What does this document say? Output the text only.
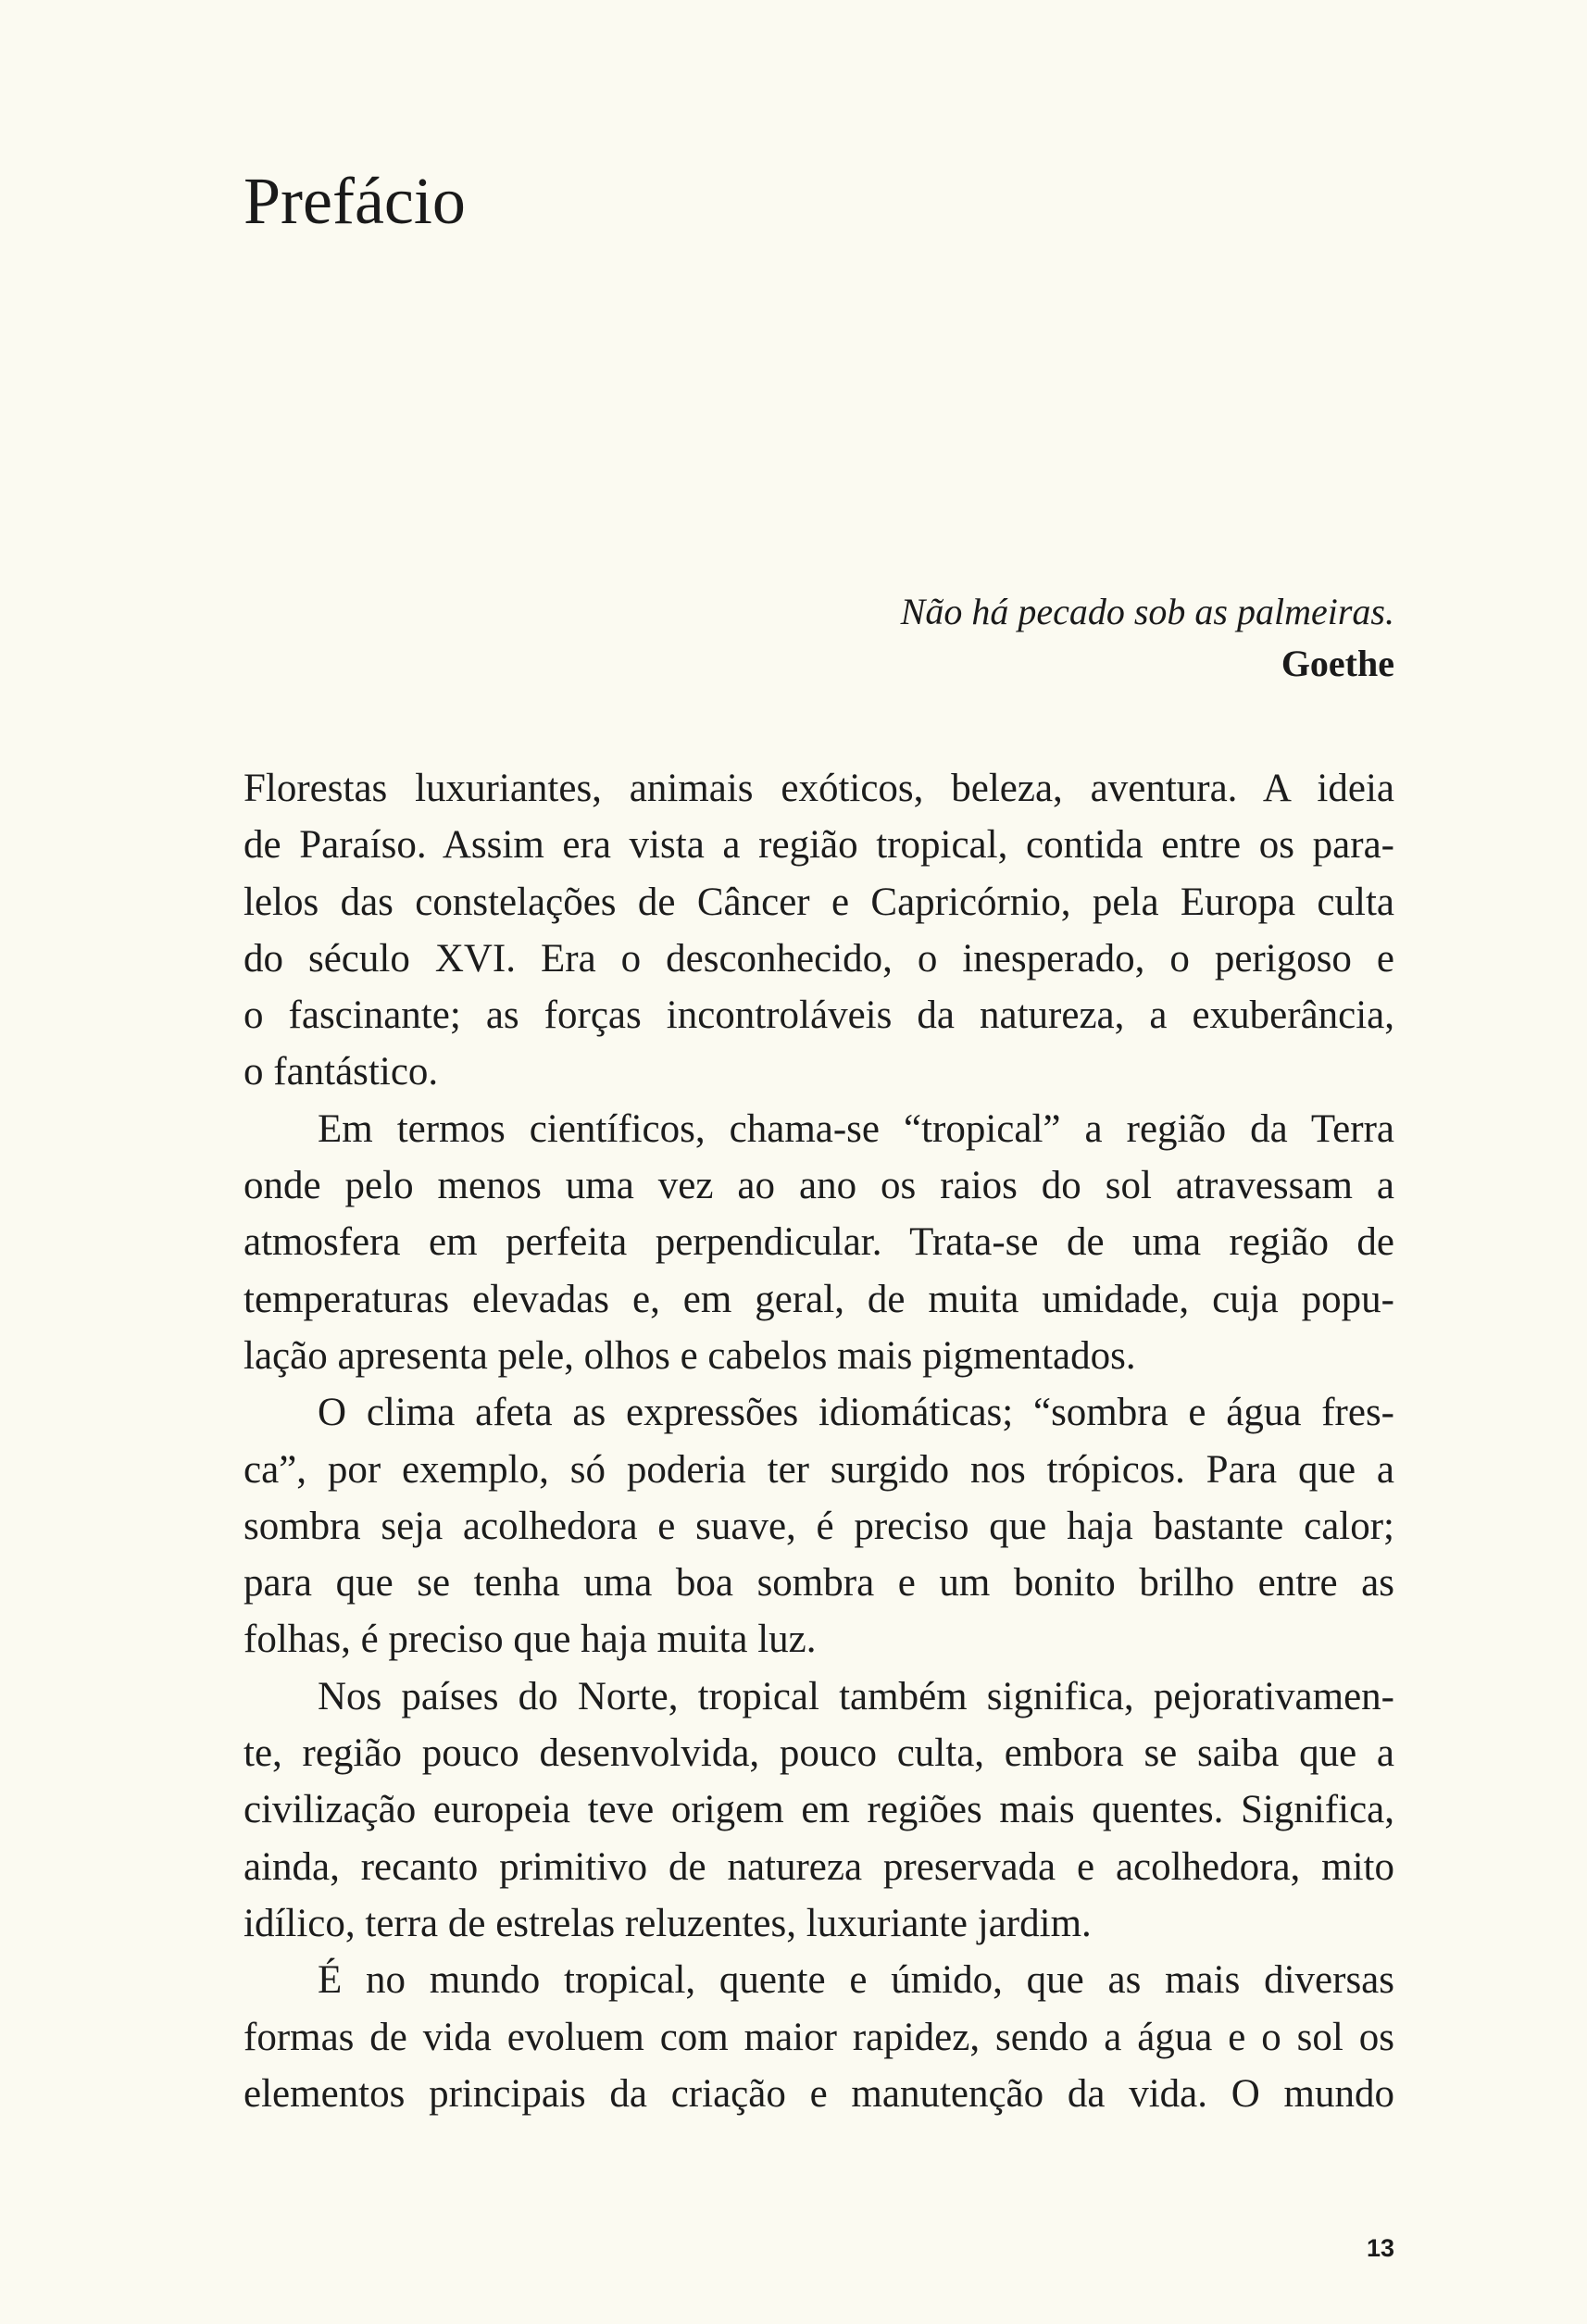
Prefácio
Não há pecado sob as palmeiras.
Goethe

Florestas luxuriantes, animais exóticos, beleza, aventura. A ideia
de Paraíso. Assim era vista a região tropical, contida entre os para-
lelos das constelações de Câncer e Capricórnio, pela Europa culta
do século XVI. Era o desconhecido, o inesperado, o perigoso e
o fascinante; as forças incontroláveis da natureza, a exuberância,
o fantástico.

Em termos científicos, chama-se “tropical” a região da Terra
onde pelo menos uma vez ao ano os raios do sol atravessam a
atmosfera em perfeita perpendicular. Trata-se de uma região de
temperaturas elevadas e, em geral, de muita umidade, cuja popu-
lação apresenta pele, olhos e cabelos mais pigmentados.

O clima afeta as expressões idiomáticas; “sombra e água fres-
ca”, por exemplo, só poderia ter surgido nos trópicos. Para que a
sombra seja acolhedora e suave, é preciso que haja bastante calor;
para que se tenha uma boa sombra e um bonito brilho entre as
folhas, é preciso que haja muita luz.

Nos países do Norte, tropical também significa, pejorativamen-
te, região pouco desenvolvida, pouco culta, embora se saiba que a
civilização europeia teve origem em regiões mais quentes. Significa,
ainda, recanto primitivo de natureza preservada e acolhedora, mito
idílico, terra de estrelas reluzentes, luxuriante jardim.

É no mundo tropical, quente e úmido, que as mais diversas
formas de vida evoluem com maior rapidez, sendo a água e o sol os
elementos principais da criação e manutenção da vida. O mundo

13
